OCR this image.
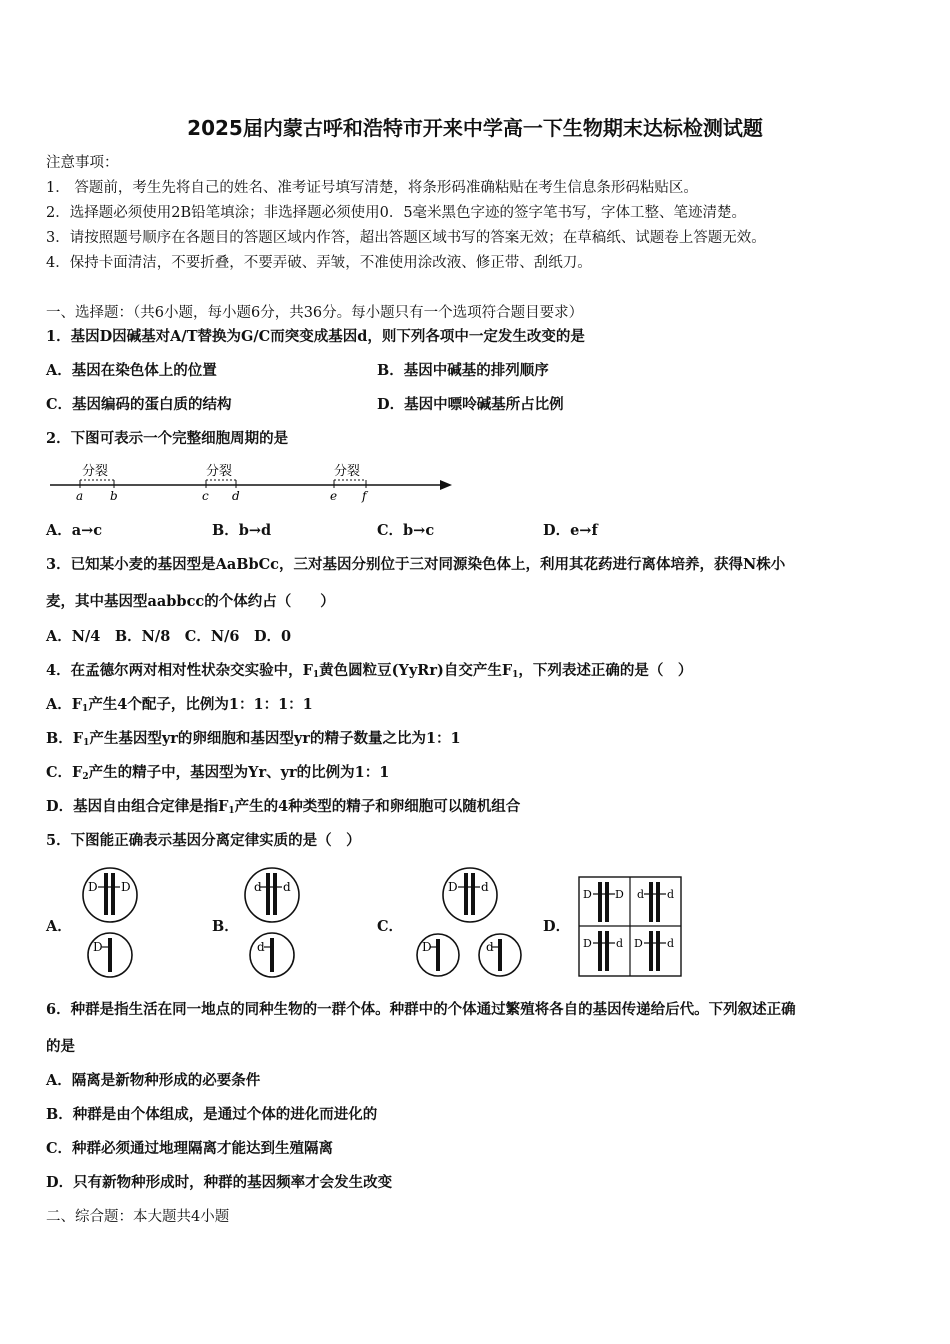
2025届内蒙古呼和浩特市开来中学高一下生物期末达标检测试题
注意事项：
1． 答题前，考生先将自己的姓名、准考证号填写清楚，将条形码准确粘贴在考生信息条形码粘贴区。
2．选择题必须使用2B铅笔填涂；非选择题必须使用0．5毫米黑色字迹的签字笔书写，字体工整、笔迹清楚。
3．请按照题号顺序在各题目的答题区域内作答，超出答题区域书写的答案无效；在草稿纸、试题卷上答题无效。
4．保持卡面清洁，不要折叠，不要弄破、弄皱，不准使用涂改液、修正带、刮纸刀。
一、选择题：（共6小题，每小题6分，共36分。每小题只有一个选项符合题目要求）
1．基因D因碱基对A/T替换为G/C而突变成基因d，则下列各项中一定发生改变的是
A．基因在染色体上的位置	B．基因中碱基的排列顺序
C．基因编码的蛋白质的结构	D．基因中嘌呤碱基所占比例
2．下图可表示一个完整细胞周期的是
分裂	分裂	分裂
a b	c d	e f
A．a→c	B．b→d	C．b→c	D．e→f
3．已知某小麦的基因型是AaBbCc，三对基因分别位于三对同源染色体上，利用其花药进行离体培养，获得N株小
麦，其中基因型aabbcc的个体约占（　　）
A．N/4　B．N/8　C．N/6　D．0
4．在孟德尔两对相对性状杂交实验中，$F_1$黄色圆粒豆(YyRr)自交产生$F_1$，下列表述正确的是（　）
A．$F_1$产生4个配子，比例为1：1：1：1
B．$F_1$产生基因型yr的卵细胞和基因型yr的精子数量之比为1：1
C．$F_2$产生的精子中，基因型为Yr、yr的比例为1：1
D．基因自由组合定律是指$F_1$产生的4种类型的精子和卵细胞可以随机组合
5．下图能正确表示基因分离定律实质的是（　）
A．	B．	C．	D．
D D
D
d d
d
D d
D	d
D D d d
D d D d
6．种群是指生活在同一地点的同种生物的一群个体。种群中的个体通过繁殖将各自的基因传递给后代。下列叙述正确
的是
A．隔离是新物种形成的必要条件
B．种群是由个体组成，是通过个体的进化而进化的
C．种群必须通过地理隔离才能达到生殖隔离
D．只有新物种形成时，种群的基因频率才会发生改变
二、综合题：本大题共4小题
